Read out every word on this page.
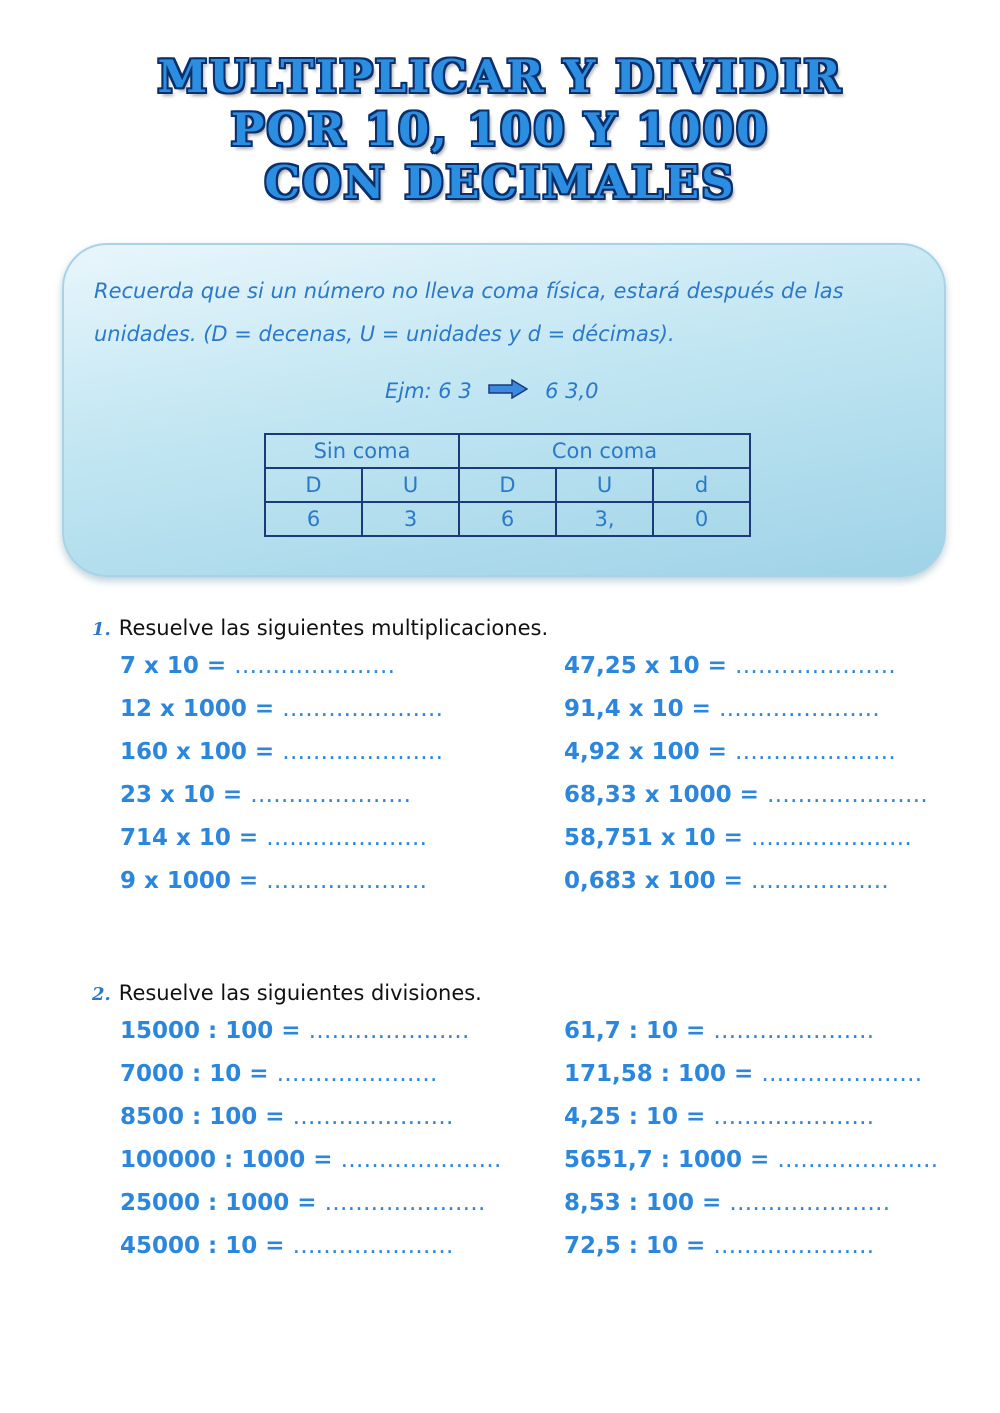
MULTIPLICAR Y DIVIDIR
POR 10, 100 Y 1000
CON DECIMALES
Recuerda que si un número no lleva coma física, estará después de las
unidades. (D = decenas, U = unidades y d = décimas).
Ejm: 6 3	6 3,0
Sin coma		Con coma		
D	U	D	U	d
6	3	6	3,	0
1. Resuelve las siguientes multiplicaciones.
7 x 10 = …………………
12 x 1000 = …………………
160 x 100 = …………………
23 x 10 = …………………
714 x 10 = …………………
9 x 1000 = …………………
47,25 x 10 = …………………
91,4 x 10 = …………………
4,92 x 100 = …………………
68,33 x 1000 = …………………
58,751 x 10 = …………………
0,683 x 100 = ………………
2. Resuelve las siguientes divisiones.
15000 : 100 = …………………
7000 : 10 = …………………
8500 : 100 = …………………
100000 : 1000 = …………………
25000 : 1000 = …………………
45000 : 10 = …………………
61,7 : 10 = …………………
171,58 : 100 = …………………
4,25 : 10 = …………………
5651,7 : 1000 = …………………
8,53 : 100 = …………………
72,5 : 10 = …………………
